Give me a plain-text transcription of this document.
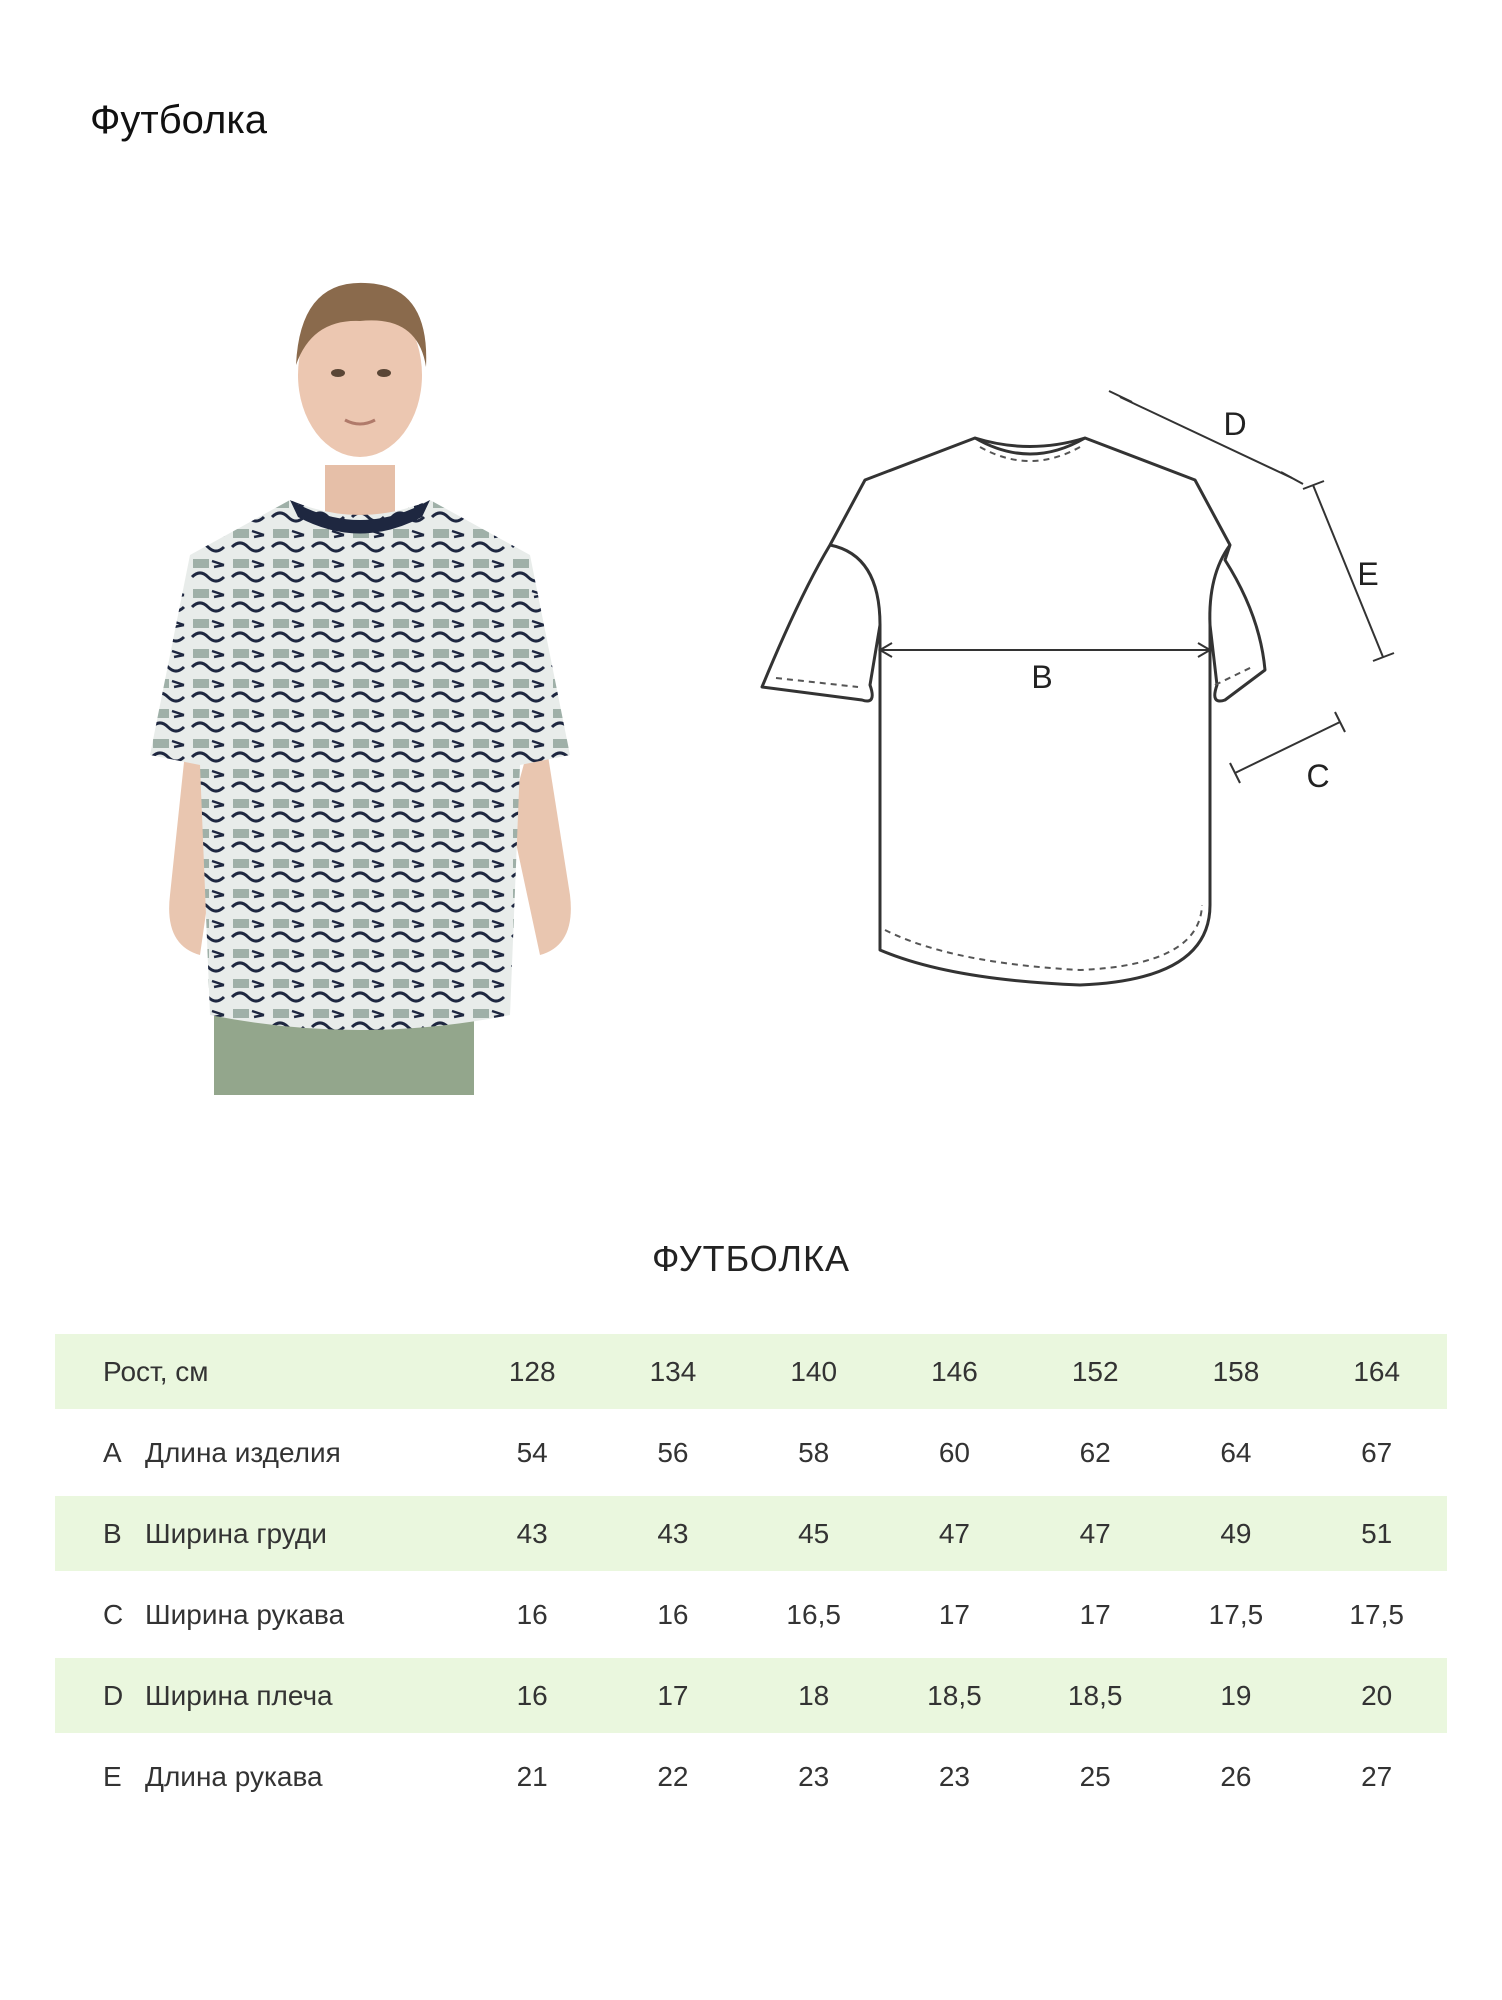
Футболка
B
D
E
C
ФУТБОЛКА
Рост, см	128	134	140	146	152	158	164
A Длина изделия	54	56	58	60	62	64	67
B Ширина груди	43	43	45	47	47	49	51
C Ширина рукава	16	16	16,5	17	17	17,5	17,5
D Ширина плеча	16	17	18	18,5	18,5	19	20
E Длина рукава	21	22	23	23	25	26	27
